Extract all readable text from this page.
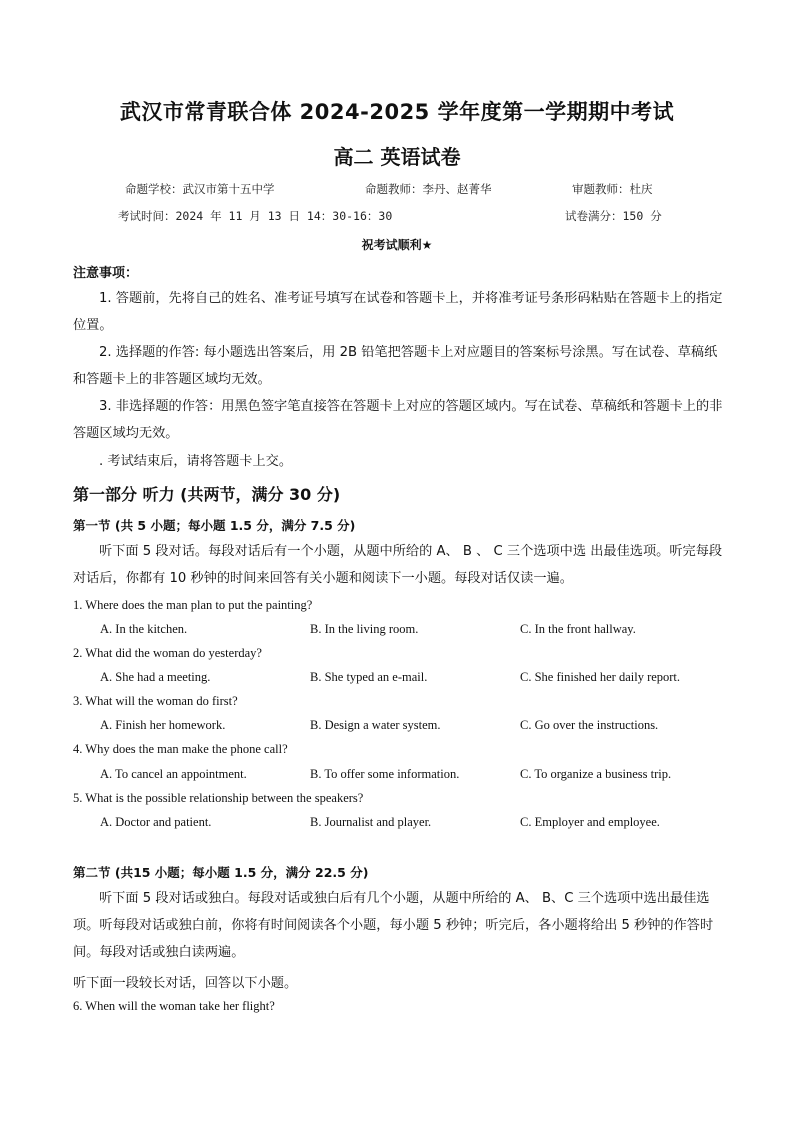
武汉市常青联合体 2024-2025 学年度第一学期期中考试
高二 英语试卷
命题学校：武汉市第十五中学	命题教师：李丹、赵菁华	审题教师：杜庆
考试时间：2024 年 11 月 13 日 14：30-16：30	试卷满分：150 分
祝考试顺利★
注意事项：
1. 答题前，先将自己的姓名、准考证号填写在试卷和答题卡上，并将准考证号条形码粘贴在答题卡上的指定位置。
2. 选择题的作答: 每小题选出答案后，用 2B 铅笔把答题卡上对应题目的答案标号涂黑。写在试卷、草稿纸和答题卡上的非答题区域均无效。
3. 非选择题的作答：用黑色签字笔直接答在答题卡上对应的答题区域内。写在试卷、草稿纸和答题卡上的非答题区域均无效。
. 考试结束后，请将答题卡上交。
第一部分 听力 (共两节，满分 30 分)
第一节 (共 5 小题；每小题 1.5 分，满分 7.5 分)
听下面 5 段对话。每段对话后有一个小题，从题中所给的 A、 B 、 C 三个选项中选 出最佳选项。听完每段对话后，你都有 10 秒钟的时间来回答有关小题和阅读下一小题。每段对话仅读一遍。
1. Where does the man plan to put the painting?
A. In the kitchen.	B. In the living room.	C. In the front hallway.
2. What did the woman do yesterday?
A. She had a meeting.	B. She typed an e-mail.	C. She finished her daily report.
3. What will the woman do first?
A. Finish her homework.	B. Design a water system.	C. Go over the instructions.
4. Why does the man make the phone call?
A. To cancel an appointment.	B. To offer some information.	C. To organize a business trip.
5. What is the possible relationship between the speakers?
A. Doctor and patient.	B. Journalist and player.	C. Employer and employee.
第二节 (共15 小题；每小题 1.5 分，满分 22.5 分)
听下面 5 段对话或独白。每段对话或独白后有几个小题，从题中所给的 A、 B、C 三个选项中选出最佳选项。听每段对话或独白前，你将有时间阅读各个小题，每小题 5 秒钟；听完后，各小题将给出 5 秒钟的作答时间。每段对话或独白读两遍。
听下面一段较长对话，回答以下小题。
6. When will the woman take her flight?
